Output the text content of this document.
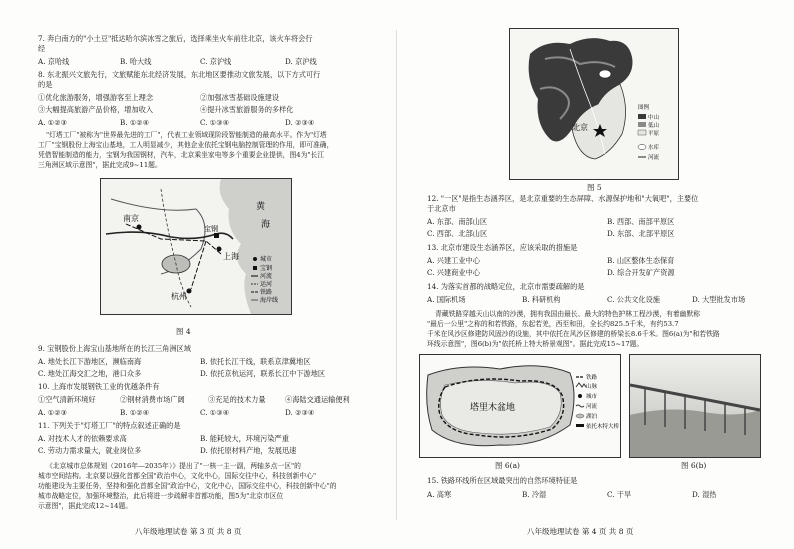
7. 奔白南方的"小土豆"抵达哈尔滨冰雪之旅后，选择乘坐火车前往北京，该火车将会行
经
A. 京哈线	B. 哈大线	C. 京沪线	D. 京沪线
8. 东北振兴文旅先行，文旅赋能东北经济发展，东北地区要推动文旅发展，以下方式可行
的是
①优化旅游服务，增强游客至上理念	②加强冰雪基础设施建设
③大幅提高旅游产品价格，增加收入	④提升冰雪旅游服务的多样化
A. ①②③	B. ①②④	C. ①③④	D. ②③④
"灯塔工厂"被称为"世界最先进的工厂"，代表工业领域现阶段智能制造的最高水平。作为"灯塔
工厂"宝钢股份上海宝山基地，工人明显减少，其他企业依托宝钢电脑控制管理的作用，即可准确，
凭借智能制造的能力，宝钢为我国钢材，汽车，北京乘坐家电等多个重要企业提供，图4为"长江
三角洲区域示意图"，据此完成9~11题。
南京
宝钢
上海
杭州
黄
海
城市
宝钢
河流
运河
铁路
海岸线
图 4
9. 宝钢股份上海宝山基地所在的长江三角洲区域
A. 地处长江下游地区，濒临南海	B. 依托长江干线，联系京津冀地区
C. 地处江海交汇之地，港口众多	D. 依托京杭运河，联系长江中下游地区
10. 上海市发展钢铁工业的优越条件有
①空气清新环境好	②钢材消费市场广阔	③充足的技术力量	④海陆交通运输便利
A. ①②③	B. ①②④	C. ①③④	D. ②③④
11. 下列关于"灯塔工厂"的特点叙述正确的是
A. 对技术人才的依赖要求高	B. 能耗较大，环境污染严重
C. 劳动力需求量大，就业岗位多	D. 依托原材料产地，发展迅速
《北京城市总体规划（2016年—2035年）》提出了"一核一主一副，两轴多点一区"的
城市空间结构。北京要以强化首都全国"政治中心，文化中心，国际交往中心，科技创新中心"
功能建设为主要任务，坚持和强化首都全国"政治中心，文化中心，国际交往中心，科技创新中心"的
城市战略定位，加强环境整治，此后将进一步疏解非首都功能，图5为"北京市区位
示意图"，据此完成12~14题。
八年级地理试卷 第 3 页 共 8 页
北京
图例
中山
低山
平原
水库
河流
图 5
12. "一区"是指生态涵养区，是北京重要的生态屏障、水源保护地和"大氧吧"，主要位
于北京市
A. 东部、南部山区	B. 西部、南部平原区
C. 西部、北部山区	D. 东部、北部平原区
13. 北京市建设生态涵养区，应该采取的措施是
A. 兴建工业中心	B. 山区整体生态保育
C. 兴建商业中心	D. 综合开发矿产资源
14. 为落实首都的战略定位，北京市需要疏解的是
A. 国际机场	B. 科研机构	C. 公共文化设施	D. 大型批发市场
青藏铁路穿越天山以南的沙漠，拥有我国由最长、最大的特色护林工程沙漠，有着幽默称
"最后一公里"之称的和若铁路，东起若羌，西至和田，全长约825.5千米，有约53.7
千米在风沙区修建防风固沙的设施，其中依托在风沙区修建的桥梁长8.6千米。图6(a)为"和若铁路
环线示意图"，图6(b)为"依托桥上特大桥景观图"。据此完成15~17题。
塔里木盆地
铁路
山脉
城市
河流
湖泊
依托木特大桥
图 6(a)	图 6(b)
15. 铁路环线所在区域最突出的自然环境特征是
A. 高寒	B. 冷湿	C. 干旱	D. 湿热
八年级地理试卷 第 4 页 共 8 页
